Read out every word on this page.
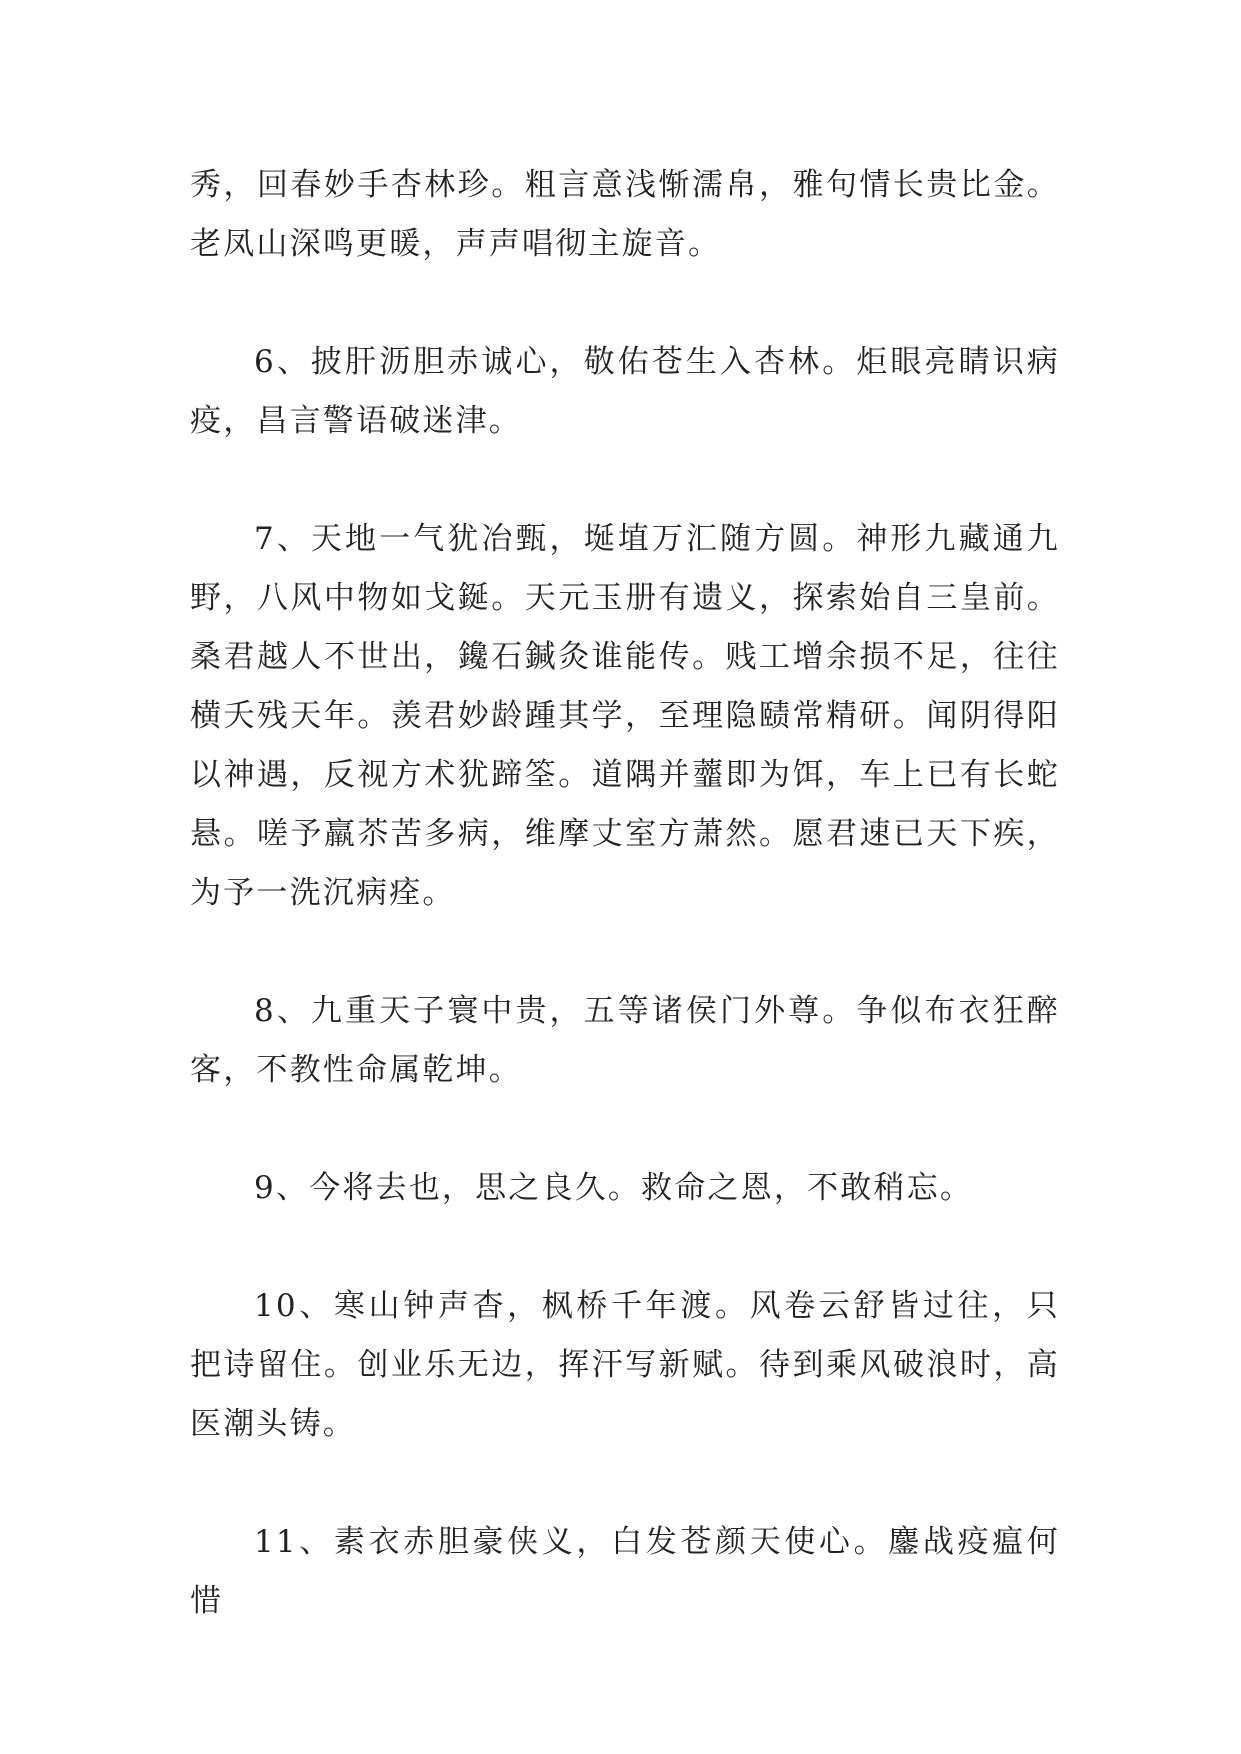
秀，回春妙手杏林珍。粗言意浅惭濡帛，雅句情长贵比金。老凤山深鸣更暖，声声唱彻主旋音。

6、披肝沥胆赤诚心，敬佑苍生入杏林。炬眼亮睛识病疫，昌言警语破迷津。

7、天地一气犹冶甄，埏埴万汇随方圆。神形九藏通九野，八风中物如戈鋋。天元玉册有遗义，探索始自三皇前。桑君越人不世出，鑱石鍼灸谁能传。贱工增余损不足，往往横夭残天年。羡君妙龄踵其学，至理隐赜常精研。闻阴得阳以神遇，反视方术犹蹄筌。道隅并虀即为饵，车上已有长蛇悬。嗟予羸苶苦多病，维摩丈室方萧然。愿君速已天下疾，为予一洗沉病痊。

8、九重天子寰中贵，五等诸侯门外尊。争似布衣狂醉客，不教性命属乾坤。

9、今将去也，思之良久。救命之恩，不敢稍忘。

10、寒山钟声杳，枫桥千年渡。风卷云舒皆过往，只把诗留住。创业乐无边，挥汗写新赋。待到乘风破浪时，高医潮头铸。

11、素衣赤胆豪侠义，白发苍颜天使心。鏖战疫瘟何惜
